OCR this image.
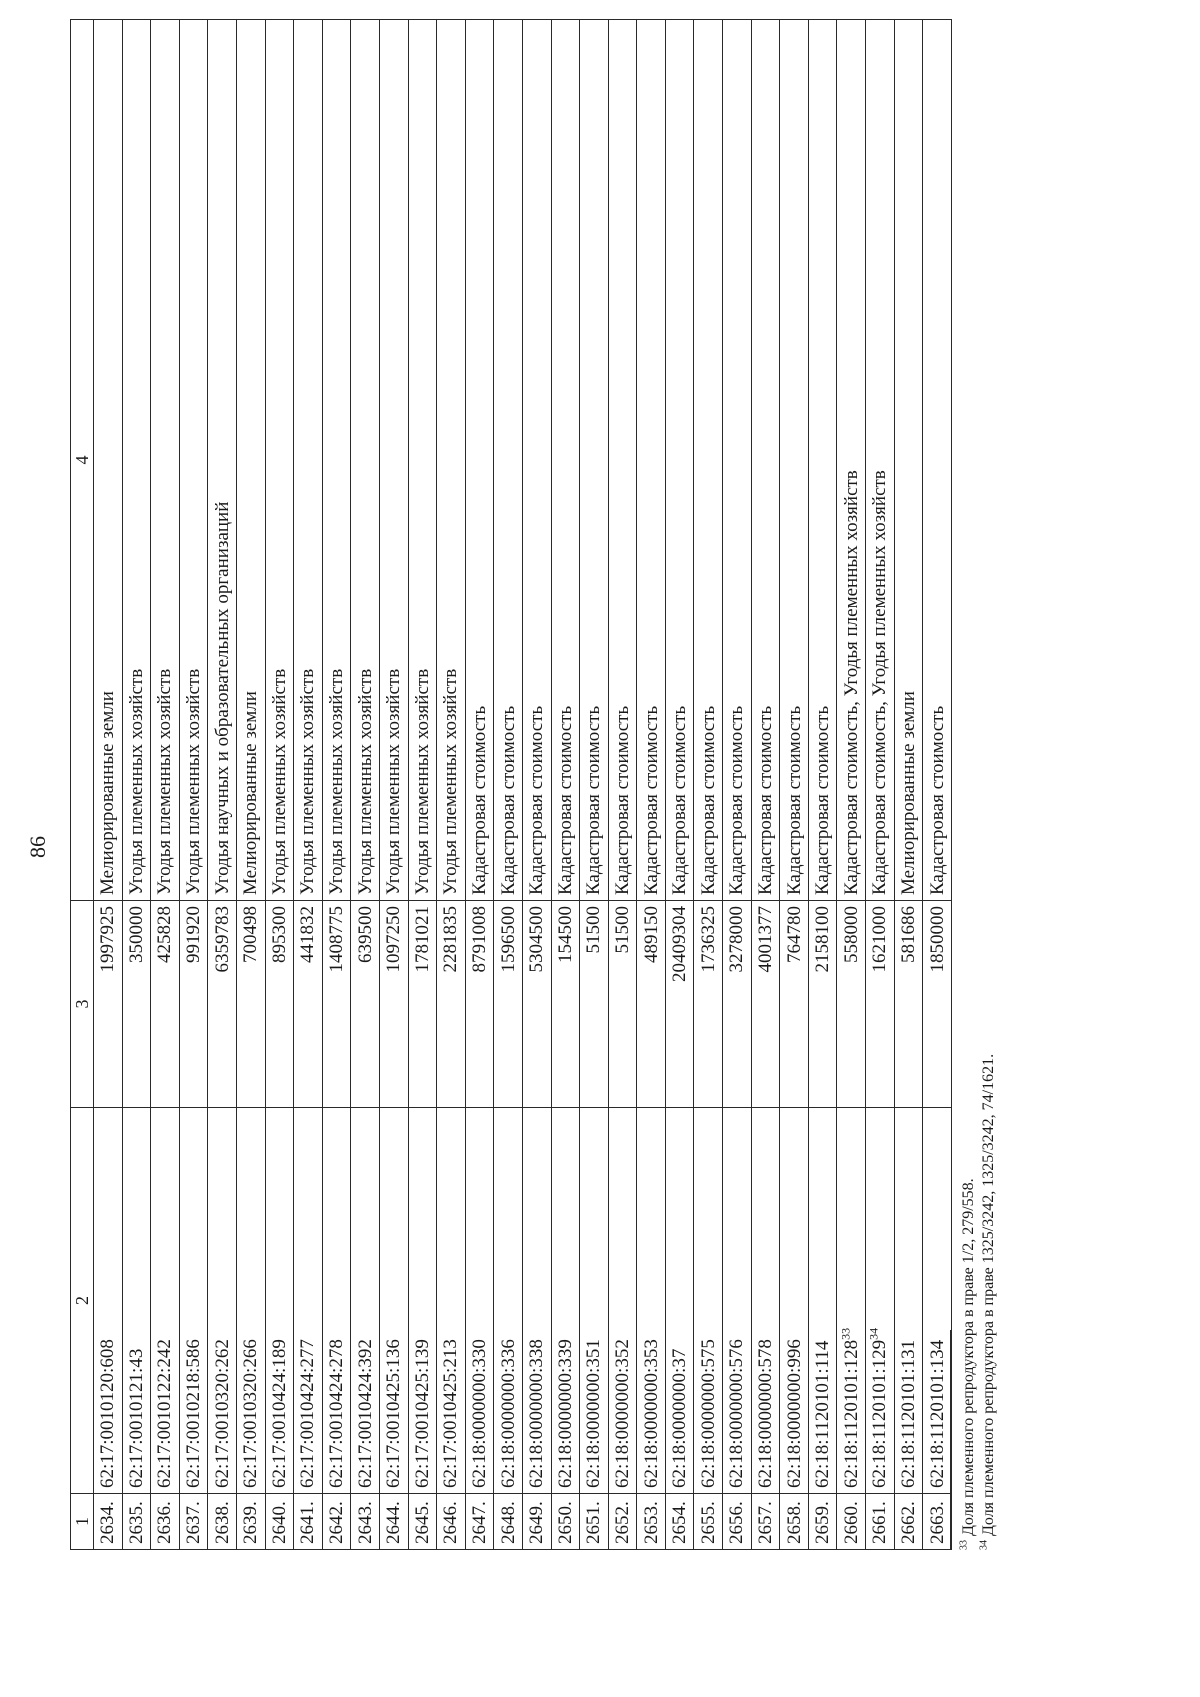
86
1	2	3	4
2634.	62:17:0010120:608	1997925	Мелиорированные земли
2635.	62:17:0010121:43	350000	Угодья племенных хозяйств
2636.	62:17:0010122:242	425828	Угодья племенных хозяйств
2637.	62:17:0010218:586	991920	Угодья племенных хозяйств
2638.	62:17:0010320:262	6359783	Угодья научных и образовательных организаций
2639.	62:17:0010320:266	700498	Мелиорированные земли
2640.	62:17:0010424:189	895300	Угодья племенных хозяйств
2641.	62:17:0010424:277	441832	Угодья племенных хозяйств
2642.	62:17:0010424:278	1408775	Угодья племенных хозяйств
2643.	62:17:0010424:392	639500	Угодья племенных хозяйств
2644.	62:17:0010425:136	1097250	Угодья племенных хозяйств
2645.	62:17:0010425:139	1781021	Угодья племенных хозяйств
2646.	62:17:0010425:213	2281835	Угодья племенных хозяйств
2647.	62:18:0000000:330	8791008	Кадастровая стоимость
2648.	62:18:0000000:336	1596500	Кадастровая стоимость
2649.	62:18:0000000:338	5304500	Кадастровая стоимость
2650.	62:18:0000000:339	154500	Кадастровая стоимость
2651.	62:18:0000000:351	51500	Кадастровая стоимость
2652.	62:18:0000000:352	51500	Кадастровая стоимость
2653.	62:18:0000000:353	489150	Кадастровая стоимость
2654.	62:18:0000000:37	20409304	Кадастровая стоимость
2655.	62:18:0000000:575	1736325	Кадастровая стоимость
2656.	62:18:0000000:576	3278000	Кадастровая стоимость
2657.	62:18:0000000:578	4001377	Кадастровая стоимость
2658.	62:18:0000000:996	764780	Кадастровая стоимость
2659.	62:18:1120101:114	2158100	Кадастровая стоимость
2660.	$62:18:1120101:128^{33}$	558000	Кадастровая стоимость, Угодья племенных хозяйств
2661.	$62:18:1120101:129^{34}$	1621000	Кадастровая стоимость, Угодья племенных хозяйств
2662.	62:18:1120101:131	581686	Мелиорированные земли
2663.	62:18:1120101:134	1850000	Кадастровая стоимость
$^{33}$ Доля племенного репродуктора в праве 1/2, 279/558.
$^{34}$ Доля племенного репродуктора в праве 1325/3242, 1325/3242, 74/1621.
